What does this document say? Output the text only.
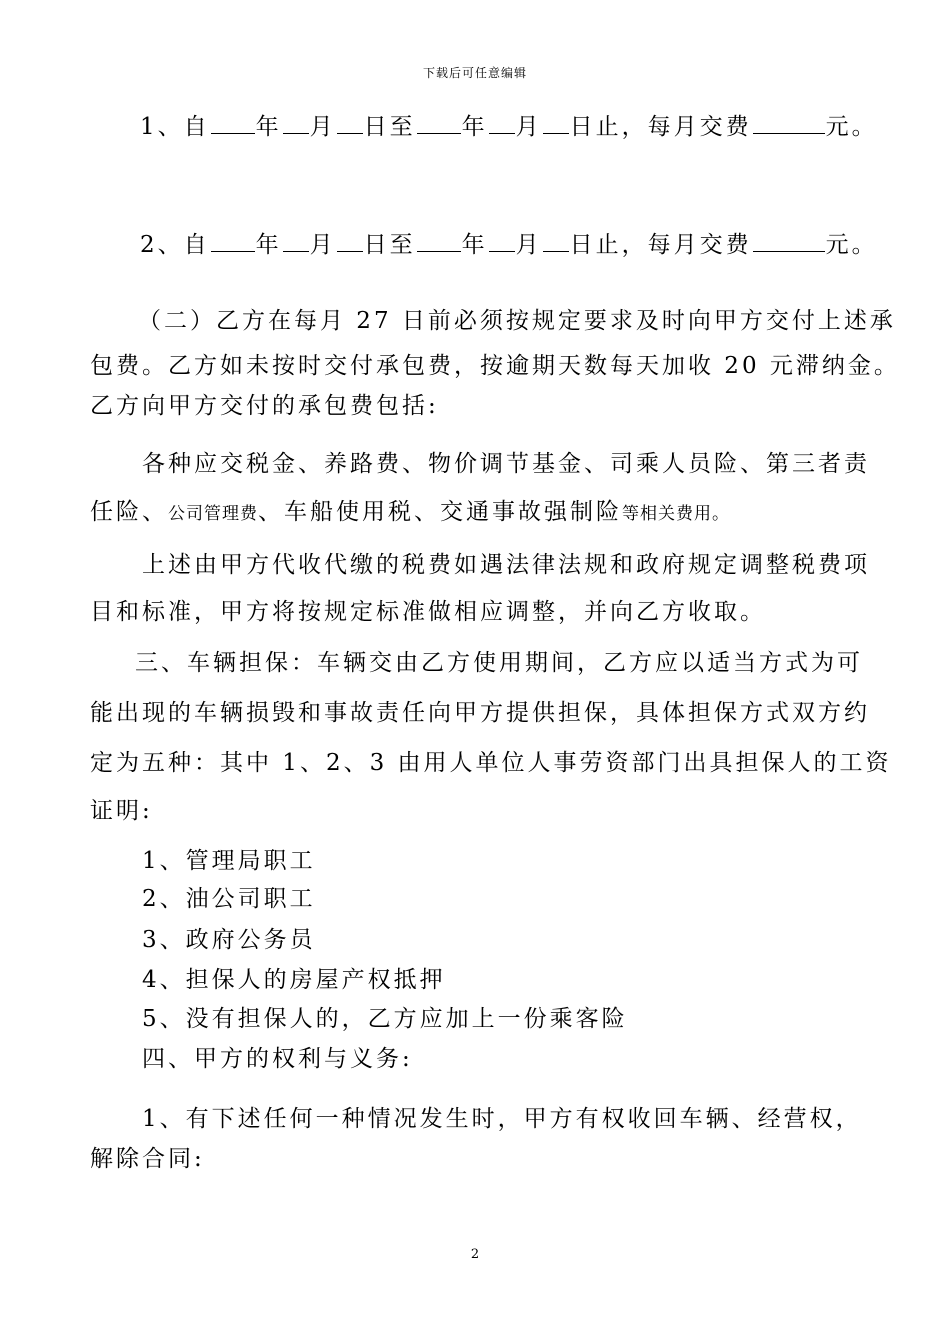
下载后可任意编辑
1、自 年 月 日至 年 月 日止，每月交费	元。
2、自 年 月 日至 年 月 日止，每月交费	元。
（二）乙方在每月 27 日前必须按规定要求及时向甲方交付上述承
包费。乙方如未按时交付承包费，按逾期天数每天加收 20 元滞纳金。
乙方向甲方交付的承包费包括:
各种应交税金、养路费、物价调节基金、司乘人员险、第三者责
任险、公司管理费、车船使用税、交通事故强制险等相关费用。
上述由甲方代收代缴的税费如遇法律法规和政府规定调整税费项
目和标准，甲方将按规定标准做相应调整，并向乙方收取。
三、车辆担保：车辆交由乙方使用期间，乙方应以适当方式为可
能出现的车辆损毁和事故责任向甲方提供担保，具体担保方式双方约
定为五种：其中 1、2、3 由用人单位人事劳资部门出具担保人的工资
证明:
1、管理局职工
2、油公司职工
3、政府公务员
4、担保人的房屋产权抵押
5、没有担保人的，乙方应加上一份乘客险
四、甲方的权利与义务:
1、有下述任何一种情况发生时，甲方有权收回车辆、经营权，
解除合同:
2
